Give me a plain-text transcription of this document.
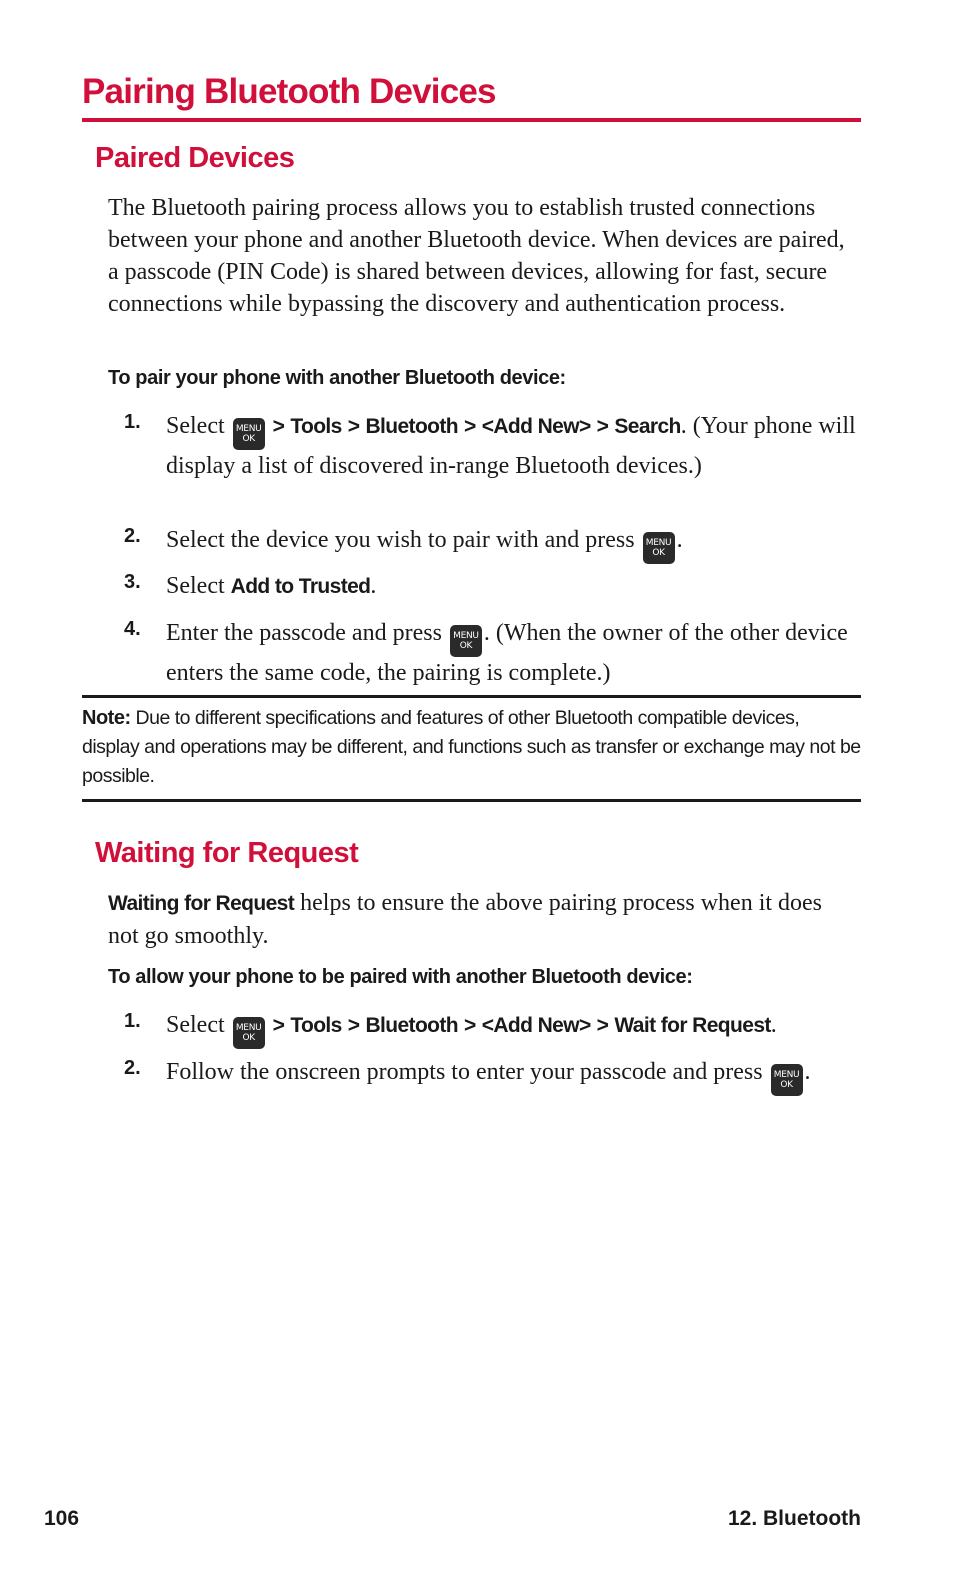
Pairing Bluetooth Devices
Paired Devices

The Bluetooth pairing process allows you to establish trusted connections between your phone and another Bluetooth device. When devices are paired, a passcode (PIN Code) is shared between devices, allowing for fast, secure connections while bypassing the discovery and authentication process.

To pair your phone with another Bluetooth device:

1. Select	MENU
OK
> Tools > Bluetooth > <Add New> > Search. (Your phone will display a list of discovered in-range Bluetooth devices.)
2. Select the device you wish to pair with and press	MENU
OK .
3. Select Add to Trusted.
4. Enter the passcode and press	MENU
OK . (When the owner of the other device enters the same code, the pairing is complete.)

Note: Due to different specifications and features of other Bluetooth compatible devices, display and operations may be different, and functions such as transfer or exchange may not be possible.

Waiting for Request

Waiting for Request helps to ensure the above pairing process when it does not go smoothly.

To allow your phone to be paired with another Bluetooth device:

1. Select	MENU
OK
> Tools > Bluetooth > <Add New> > Wait for Request.
2. Follow the onscreen prompts to enter your passcode and press	MENU
OK .
106	12. Bluetooth
